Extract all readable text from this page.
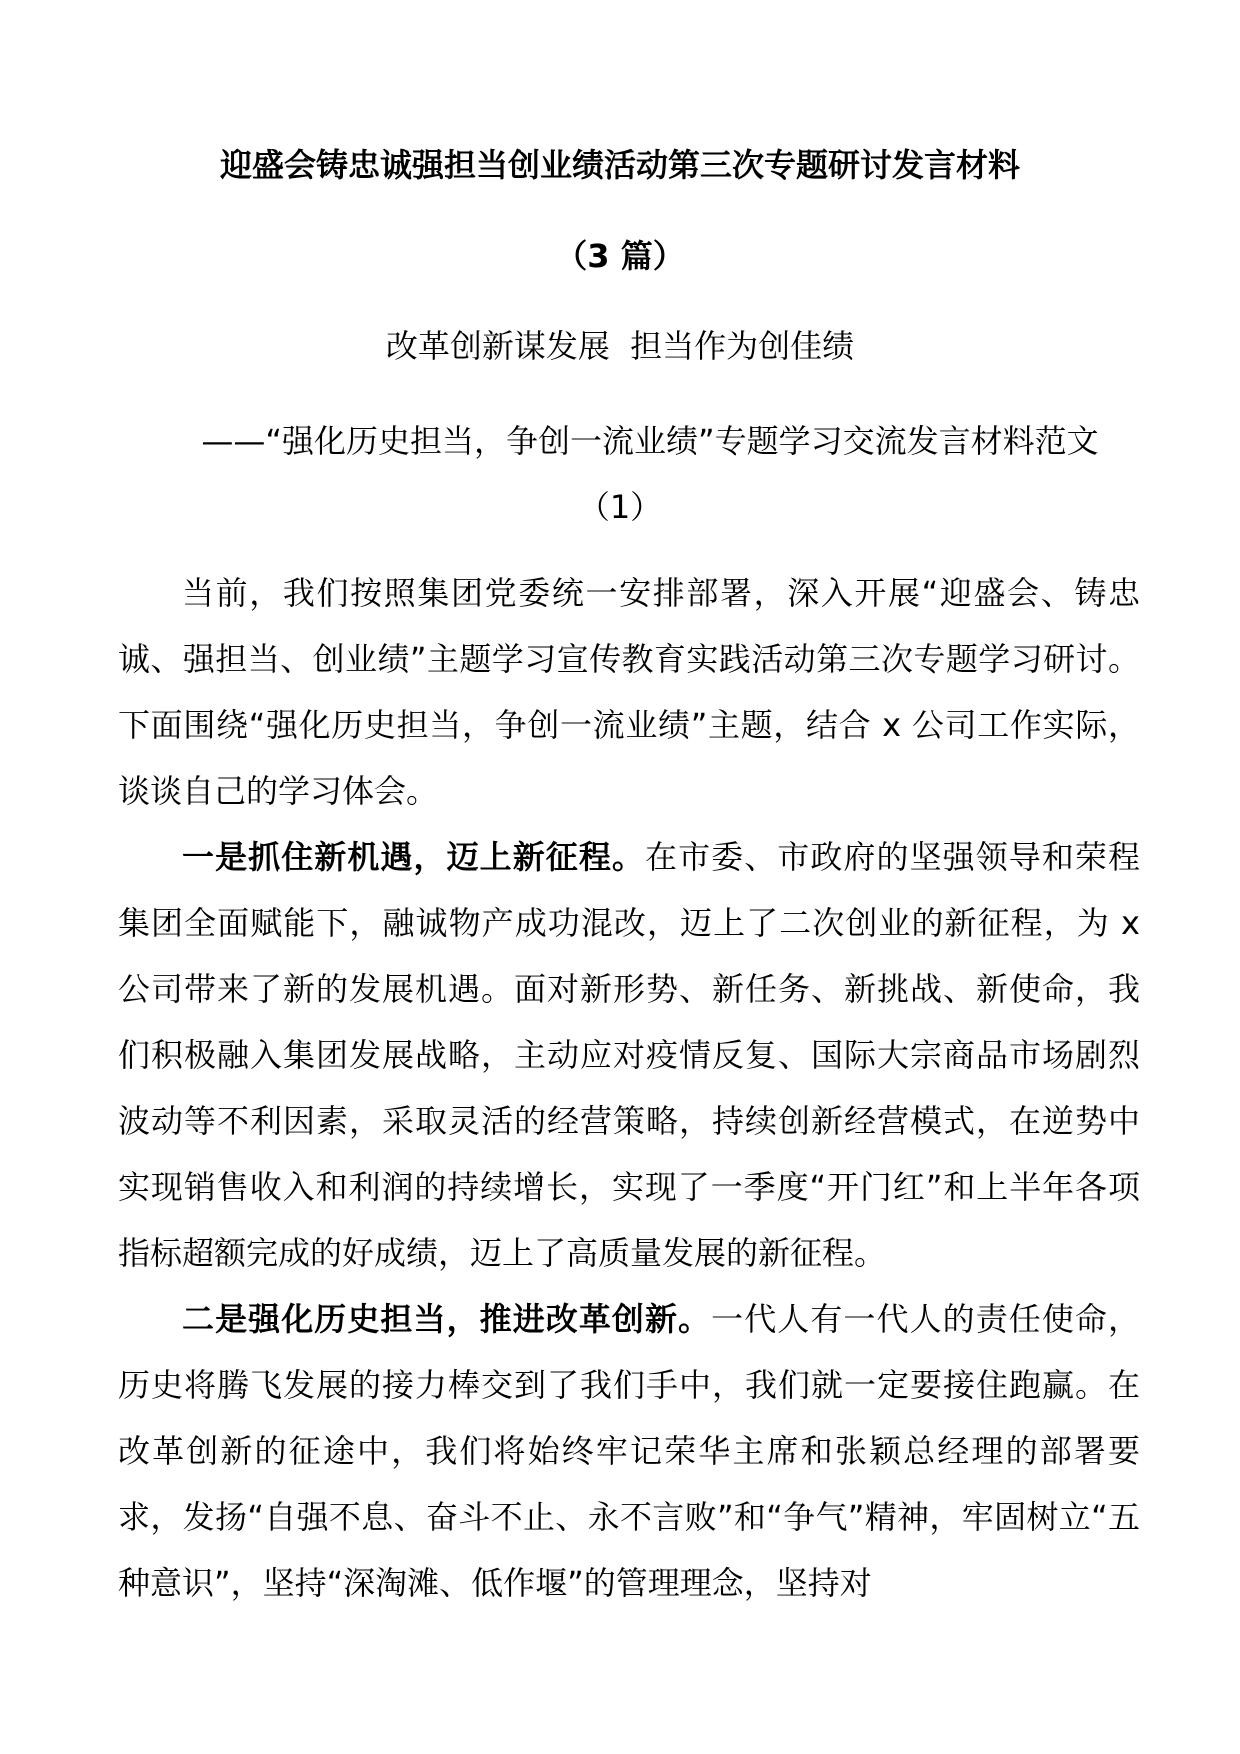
迎盛会铸忠诚强担当创业绩活动第三次专题研讨发言材料
（3 篇）
改革创新谋发展  担当作为创佳绩
——“强化历史担当，争创一流业绩”专题学习交流发言材料范文
（1）

当前，我们按照集团党委统一安排部署，深入开展“迎盛会、铸忠诚、强担当、创业绩”主题学习宣传教育实践活动第三次专题学习研讨。下面围绕“强化历史担当，争创一流业绩”主题，结合 x 公司工作实际，谈谈自己的学习体会。

一是抓住新机遇，迈上新征程。在市委、市政府的坚强领导和荣程集团全面赋能下，融诚物产成功混改，迈上了二次创业的新征程，为 x 公司带来了新的发展机遇。面对新形势、新任务、新挑战、新使命，我们积极融入集团发展战略，主动应对疫情反复、国际大宗商品市场剧烈波动等不利因素，采取灵活的经营策略，持续创新经营模式，在逆势中实现销售收入和利润的持续增长，实现了一季度“开门红”和上半年各项指标超额完成的好成绩，迈上了高质量发展的新征程。

二是强化历史担当，推进改革创新。一代人有一代人的责任使命，历史将腾飞发展的接力棒交到了我们手中，我们就一定要接住跑赢。在改革创新的征途中，我们将始终牢记荣华主席和张颖总经理的部署要求，发扬“自强不息、奋斗不止、永不言败”和“争气”精神，牢固树立“五种意识”，坚持“深淘滩、低作堰”的管理理念，坚持对
